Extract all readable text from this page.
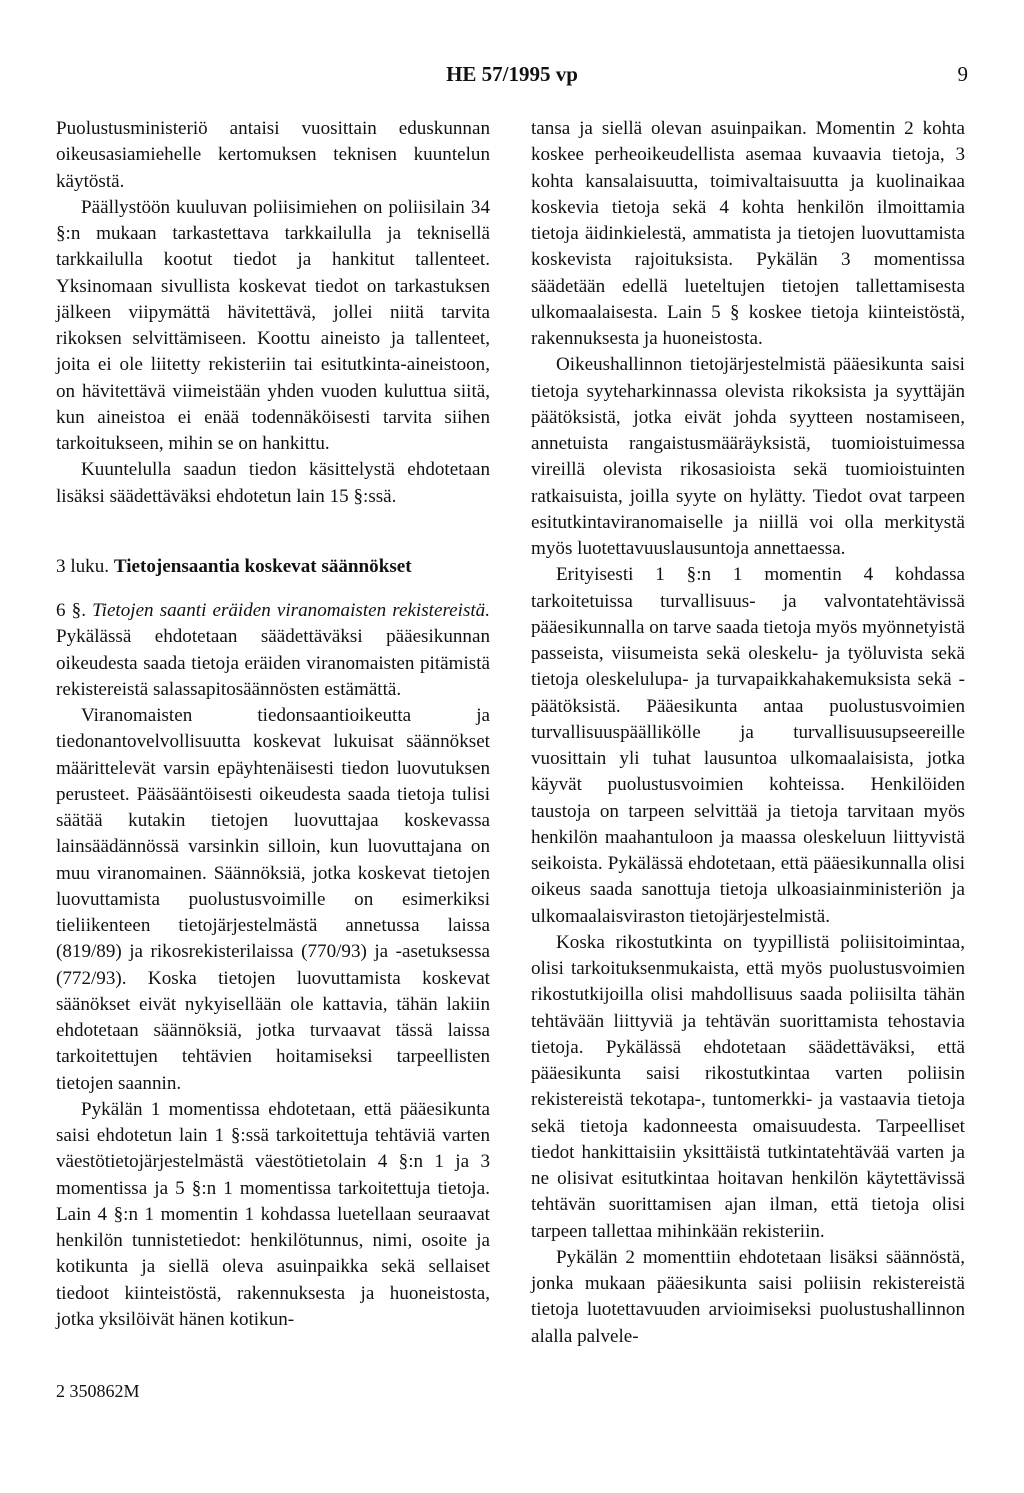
HE 57/1995 vp	9

Puolustusministeriö antaisi vuosittain eduskunnan oikeusasiamiehelle kertomuksen teknisen kuuntelun käytöstä.

Päällystöön kuuluvan poliisimiehen on poliisilain 34 §:n mukaan tarkastettava tarkkailulla ja teknisellä tarkkailulla kootut tiedot ja hankitut tallenteet. Yksinomaan sivullista koskevat tiedot on tarkastuksen jälkeen viipymättä hävitettävä, jollei niitä tarvita rikoksen selvittämiseen. Koottu aineisto ja tallenteet, joita ei ole liitetty rekisteriin tai esitutkinta-aineistoon, on hävitettävä viimeistään yhden vuoden kuluttua siitä, kun aineistoa ei enää todennäköisesti tarvita siihen tarkoitukseen, mihin se on hankittu.

Kuuntelulla saadun tiedon käsittelystä ehdotetaan lisäksi säädettäväksi ehdotetun lain 15 §:ssä.

3 luku. Tietojensaantia koskevat säännökset

6 §. Tietojen saanti eräiden viranomaisten rekistereistä. Pykälässä ehdotetaan säädettäväksi pääesikunnan oikeudesta saada tietoja eräiden viranomaisten pitämistä rekistereistä salassapitosäännösten estämättä.

Viranomaisten tiedonsaantioikeutta ja tiedonantovelvollisuutta koskevat lukuisat säännökset määrittelevät varsin epäyhtenäisesti tiedon luovutuksen perusteet. Pääsääntöisesti oikeudesta saada tietoja tulisi säätää kutakin tietojen luovuttajaa koskevassa lainsäädännössä varsinkin silloin, kun luovuttajana on muu viranomainen. Säännöksiä, jotka koskevat tietojen luovuttamista puolustusvoimille on esimerkiksi tieliikenteen tietojärjestelmästä annetussa laissa (819/89) ja rikosrekisterilaissa (770/93) ja -asetuksessa (772/93). Koska tietojen luovuttamista koskevat säänökset eivät nykyisellään ole kattavia, tähän lakiin ehdotetaan säännöksiä, jotka turvaavat tässä laissa tarkoitettujen tehtävien hoitamiseksi tarpeellisten tietojen saannin.

Pykälän 1 momentissa ehdotetaan, että pääesikunta saisi ehdotetun lain 1 §:ssä tarkoitettuja tehtäviä varten väestötietojärjestelmästä väestötietolain 4 §:n 1 ja 3 momentissa ja 5 §:n 1 momentissa tarkoitettuja tietoja. Lain 4 §:n 1 momentin 1 kohdassa luetellaan seuraavat henkilön tunnistetiedot: henkilötunnus, nimi, osoite ja kotikunta ja siellä oleva asuinpaikka sekä sellaiset tiedoot kiinteistöstä, rakennuksesta ja huoneistosta, jotka yksilöivät hänen kotikun-

tansa ja siellä olevan asuinpaikan. Momentin 2 kohta koskee perheoikeudellista asemaa kuvaavia tietoja, 3 kohta kansalaisuutta, toimivaltaisuutta ja kuolinaikaa koskevia tietoja sekä 4 kohta henkilön ilmoittamia tietoja äidinkielestä, ammatista ja tietojen luovuttamista koskevista rajoituksista. Pykälän 3 momentissa säädetään edellä lueteltujen tietojen tallettamisesta ulkomaalaisesta. Lain 5 § koskee tietoja kiinteistöstä, rakennuksesta ja huoneistosta.

Oikeushallinnon tietojärjestelmistä pääesikunta saisi tietoja syyteharkinnassa olevista rikoksista ja syyttäjän päätöksistä, jotka eivät johda syytteen nostamiseen, annetuista rangaistusmääräyksistä, tuomioistuimessa vireillä olevista rikosasioista sekä tuomioistuinten ratkaisuista, joilla syyte on hylätty. Tiedot ovat tarpeen esitutkintaviranomaiselle ja niillä voi olla merkitystä myös luotettavuuslausuntoja annettaessa.

Erityisesti 1 §:n 1 momentin 4 kohdassa tarkoitetuissa turvallisuus- ja valvontatehtävissä pääesikunnalla on tarve saada tietoja myös myönnetyistä passeista, viisumeista sekä oleskelu- ja työluvista sekä tietoja oleskelulupa- ja turvapaikkahakemuksista sekä -päätöksistä. Pääesikunta antaa puolustusvoimien turvallisuuspäällikölle ja turvallisuusupseereille vuosittain yli tuhat lausuntoa ulkomaalaisista, jotka käyvät puolustusvoimien kohteissa. Henkilöiden taustoja on tarpeen selvittää ja tietoja tarvitaan myös henkilön maahantuloon ja maassa oleskeluun liittyvistä seikoista. Pykälässä ehdotetaan, että pääesikunnalla olisi oikeus saada sanottuja tietoja ulkoasiainministeriön ja ulkomaalaisviraston tietojärjestelmistä.

Koska rikostutkinta on tyypillistä poliisitoimintaa, olisi tarkoituksenmukaista, että myös puolustusvoimien rikostutkijoilla olisi mahdollisuus saada poliisilta tähän tehtävään liittyviä ja tehtävän suorittamista tehostavia tietoja. Pykälässä ehdotetaan säädettäväksi, että pääesikunta saisi rikostutkintaa varten poliisin rekistereistä tekotapa-, tuntomerkki- ja vastaavia tietoja sekä tietoja kadonneesta omaisuudesta. Tarpeelliset tiedot hankittaisiin yksittäistä tutkintatehtävää varten ja ne olisivat esitutkintaa hoitavan henkilön käytettävissä tehtävän suorittamisen ajan ilman, että tietoja olisi tarpeen tallettaa mihinkään rekisteriin.

Pykälän 2 momenttiin ehdotetaan lisäksi säännöstä, jonka mukaan pääesikunta saisi poliisin rekistereistä tietoja luotettavuuden arvioimiseksi puolustushallinnon alalla palvele-

2 350862M
